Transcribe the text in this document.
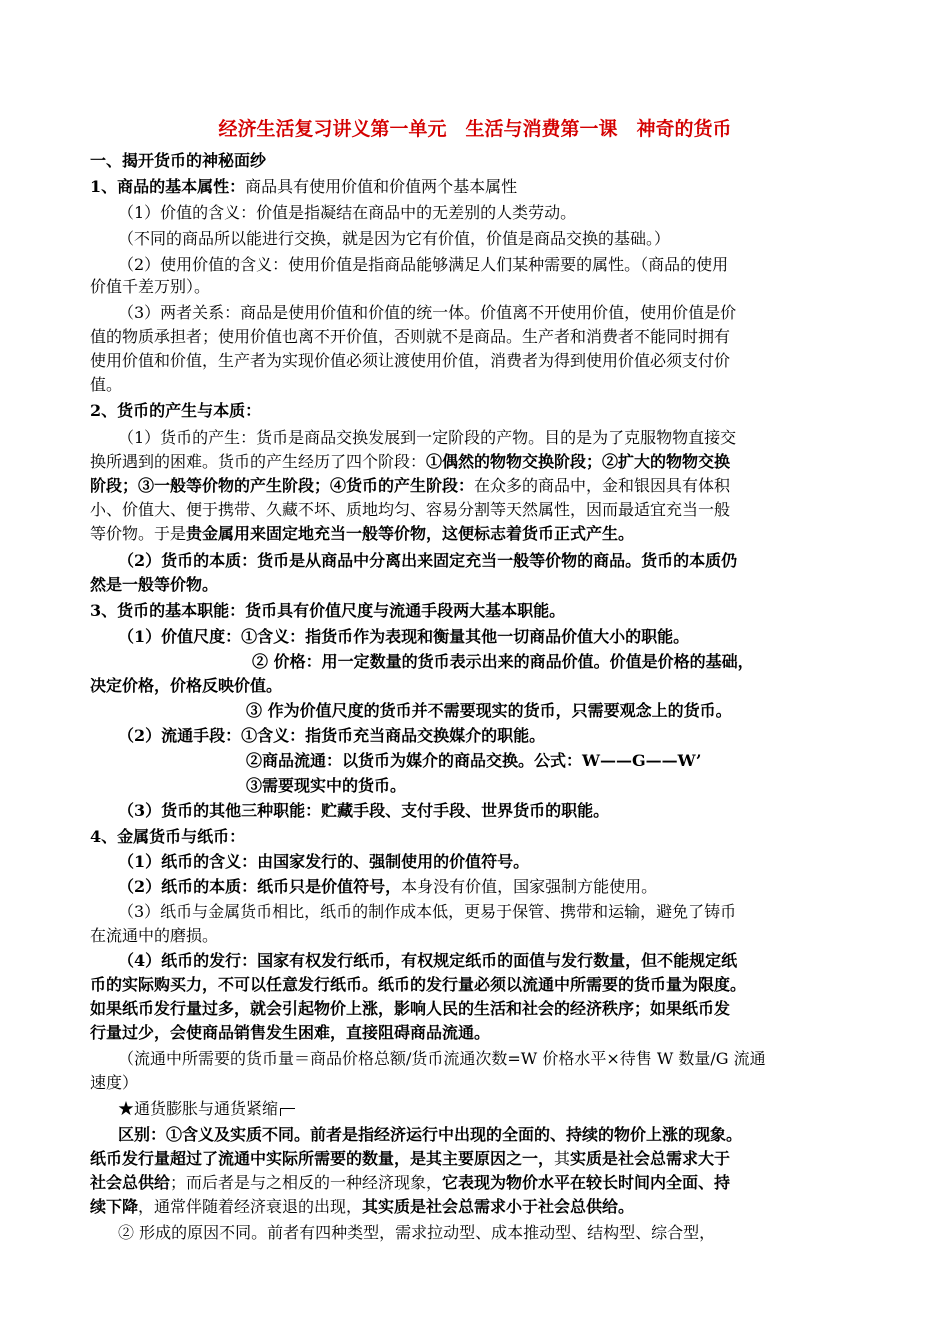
经济生活复习讲义第一单元　生活与消费第一课　神奇的货币
一、揭开货币的神秘面纱
1、商品的基本属性：商品具有使用价值和价值两个基本属性
（1）价值的含义：价值是指凝结在商品中的无差别的人类劳动。
（不同的商品所以能进行交换，就是因为它有价值，价值是商品交换的基础。）
（2）使用价值的含义：使用价值是指商品能够满足人们某种需要的属性。（商品的使用
价值千差万别）。
（3）两者关系：商品是使用价值和价值的统一体。价值离不开使用价值，使用价值是价
值的物质承担者；使用价值也离不开价值，否则就不是商品。生产者和消费者不能同时拥有
使用价值和价值，生产者为实现价值必须让渡使用价值，消费者为得到使用价值必须支付价
值。
2、货币的产生与本质：
（1）货币的产生：货币是商品交换发展到一定阶段的产物。目的是为了克服物物直接交
换所遇到的困难。货币的产生经历了四个阶段：①偶然的物物交换阶段；②扩大的物物交换
阶段；③一般等价物的产生阶段；④货币的产生阶段：在众多的商品中，金和银因具有体积
小、价值大、便于携带、久藏不坏、质地均匀、容易分割等天然属性，因而最适宜充当一般
等价物。于是贵金属用来固定地充当一般等价物，这便标志着货币正式产生。
（2）货币的本质：货币是从商品中分离出来固定充当一般等价物的商品。货币的本质仍
然是一般等价物。
3、货币的基本职能：货币具有价值尺度与流通手段两大基本职能。
（1）价值尺度：①含义：指货币作为表现和衡量其他一切商品价值大小的职能。
② 价格：用一定数量的货币表示出来的商品价值。价值是价格的基础，
决定价格，价格反映价值。
③ 作为价值尺度的货币并不需要现实的货币，只需要观念上的货币。
（2）流通手段：①含义：指货币充当商品交换媒介的职能。
②商品流通：以货币为媒介的商品交换。公式：W——G——W’
③需要现实中的货币。
（3）货币的其他三种职能：贮藏手段、支付手段、世界货币的职能。
4、金属货币与纸币：
（1）纸币的含义：由国家发行的、强制使用的价值符号。
（2）纸币的本质：纸币只是价值符号，本身没有价值，国家强制方能使用。
（3）纸币与金属货币相比，纸币的制作成本低，更易于保管、携带和运输，避免了铸币
在流通中的磨损。
（4）纸币的发行：国家有权发行纸币，有权规定纸币的面值与发行数量，但不能规定纸
币的实际购买力，不可以任意发行纸币。纸币的发行量必须以流通中所需要的货币量为限度。
如果纸币发行量过多，就会引起物价上涨，影响人民的生活和社会的经济秩序；如果纸币发
行量过少，会使商品销售发生困难，直接阻碍商品流通。
（流通中所需要的货币量＝商品价格总额/货币流通次数=W 价格水平×待售 W 数量/G 流通
速度）
★通货膨胀与通货紧缩
区别：①含义及实质不同。前者是指经济运行中出现的全面的、持续的物价上涨的现象。
纸币发行量超过了流通中实际所需要的数量，是其主要原因之一，其实质是社会总需求大于
社会总供给；而后者是与之相反的一种经济现象，它表现为物价水平在较长时间内全面、持
续下降，通常伴随着经济衰退的出现，其实质是社会总需求小于社会总供给。
② 形成的原因不同。前者有四种类型，需求拉动型、成本推动型、结构型、综合型，
